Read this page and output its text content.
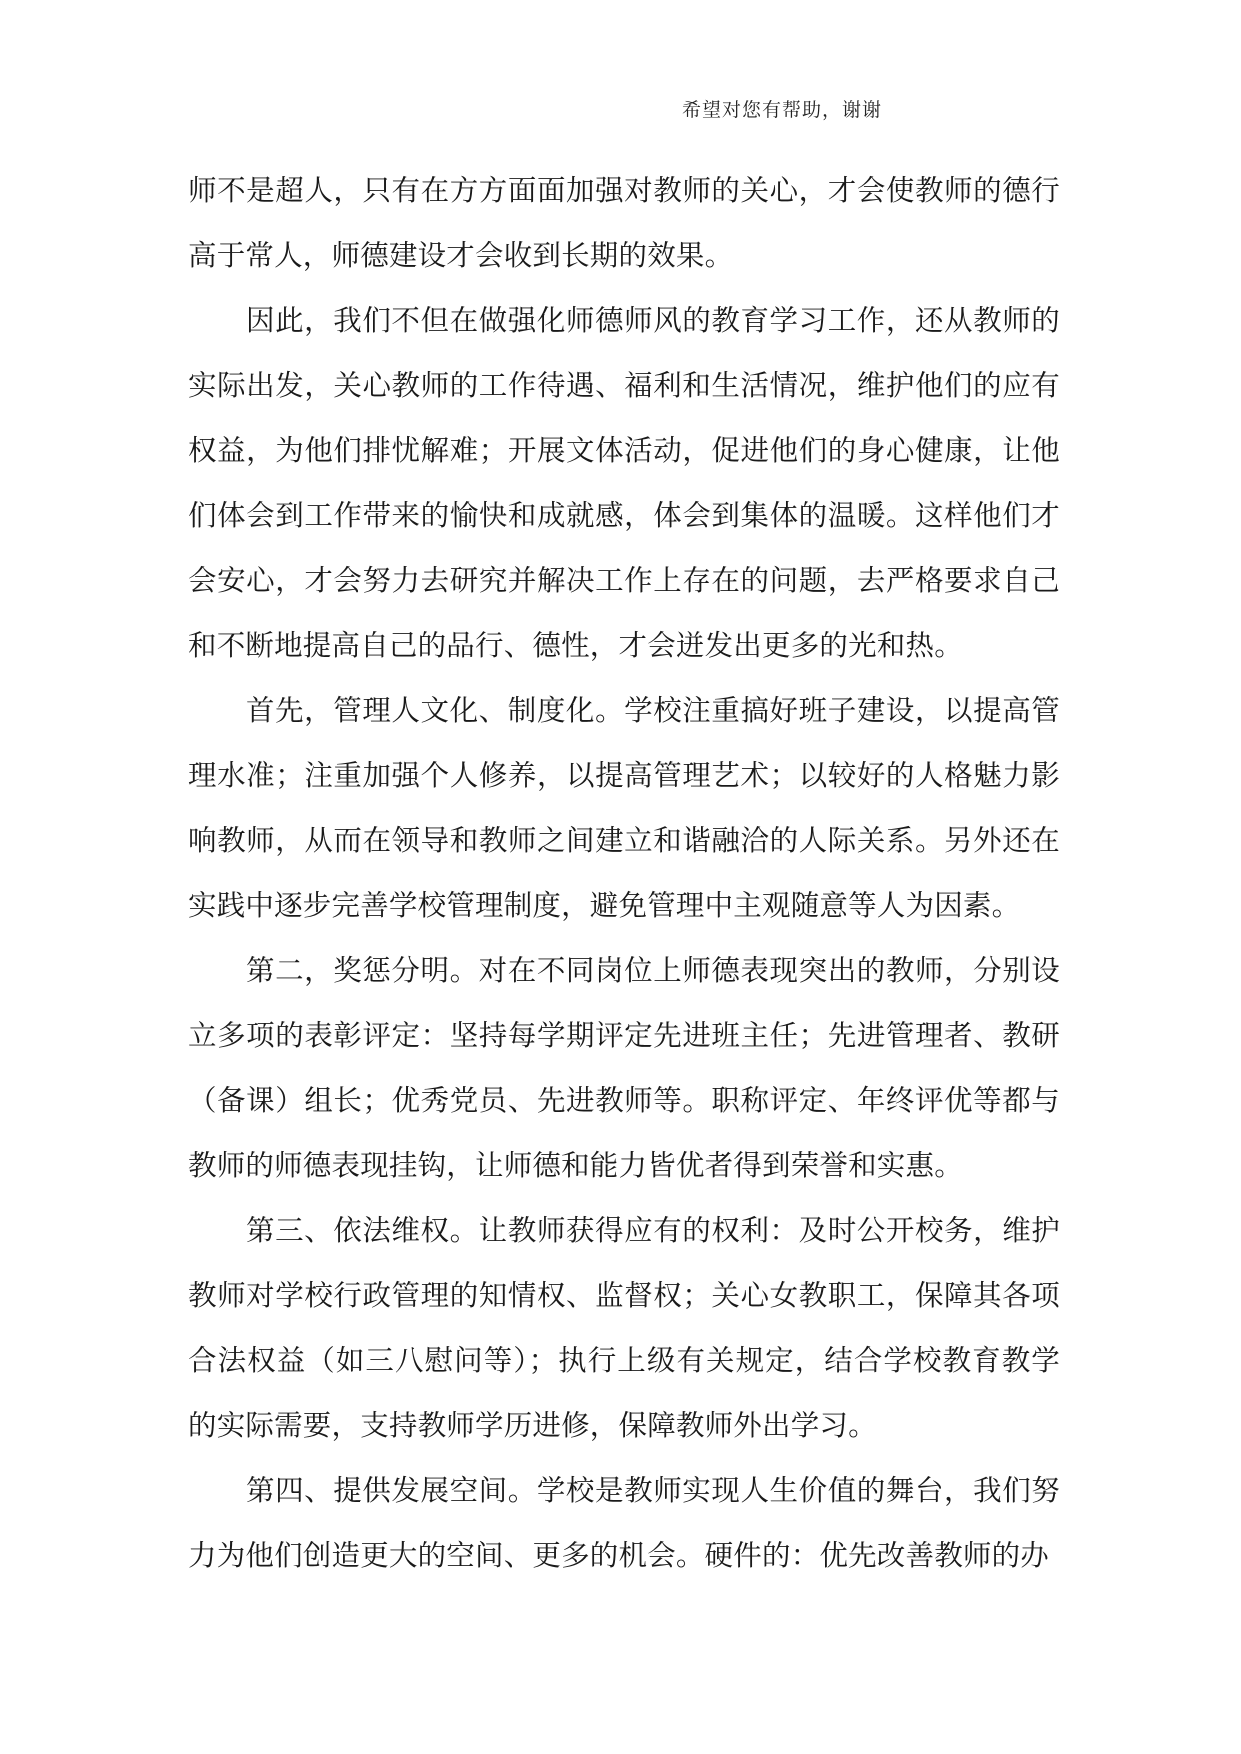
希望对您有帮助，谢谢

师不是超人，只有在方方面面加强对教师的关心，才会使教师的德行高于常人，师德建设才会收到长期的效果。

因此，我们不但在做强化师德师风的教育学习工作，还从教师的实际出发，关心教师的工作待遇、福利和生活情况，维护他们的应有权益，为他们排忧解难；开展文体活动，促进他们的身心健康，让他们体会到工作带来的愉快和成就感，体会到集体的温暖。这样他们才会安心，才会努力去研究并解决工作上存在的问题，去严格要求自己和不断地提高自己的品行、德性，才会迸发出更多的光和热。

首先，管理人文化、制度化。学校注重搞好班子建设，以提高管理水准；注重加强个人修养，以提高管理艺术；以较好的人格魅力影响教师，从而在领导和教师之间建立和谐融洽的人际关系。另外还在实践中逐步完善学校管理制度，避免管理中主观随意等人为因素。

第二，奖惩分明。对在不同岗位上师德表现突出的教师，分别设立多项的表彰评定：坚持每学期评定先进班主任；先进管理者、教研（备课）组长；优秀党员、先进教师等。职称评定、年终评优等都与教师的师德表现挂钩，让师德和能力皆优者得到荣誉和实惠。

第三、依法维权。让教师获得应有的权利：及时公开校务，维护教师对学校行政管理的知情权、监督权；关心女教职工，保障其各项合法权益（如三八慰问等）；执行上级有关规定，结合学校教育教学的实际需要，支持教师学历进修，保障教师外出学习。

第四、提供发展空间。学校是教师实现人生价值的舞台，我们努力为他们创造更大的空间、更多的机会。硬件的：优先改善教师的办
